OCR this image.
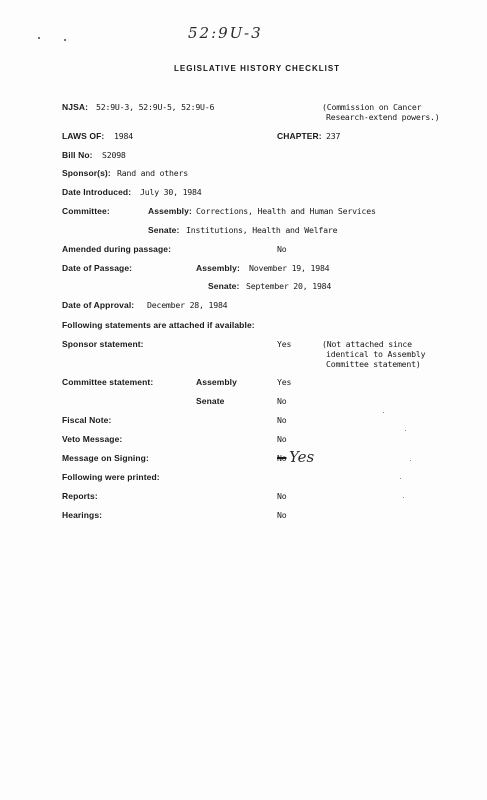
52:9U-3
LEGISLATIVE HISTORY CHECKLIST
NJSA: 52:9U-3, 52:9U-5, 52:9U-6	(Commission on Cancer
Research-extend powers.)
LAWS OF: 1984	CHAPTER: 237
Bill No: S2098
Sponsor(s): Rand and others
Date Introduced: July 30, 1984
Committee:	Assembly: Corrections, Health and Human Services
Senate: Institutions, Health and Welfare
Amended during passage:	No
Date of Passage:	Assembly: November 19, 1984
Senate: September 20, 1984
Date of Approval: December 28, 1984
Following statements are attached if available:
Sponsor statement:	Yes	(Not attached since
identical to Assembly
Committee statement)
Committee statement:	Assembly	Yes
Senate	No
Fiscal Note:	No
Veto Message:	No
Message on Signing:	No Yes
Following were printed:
Reports:	No
Hearings:	No
